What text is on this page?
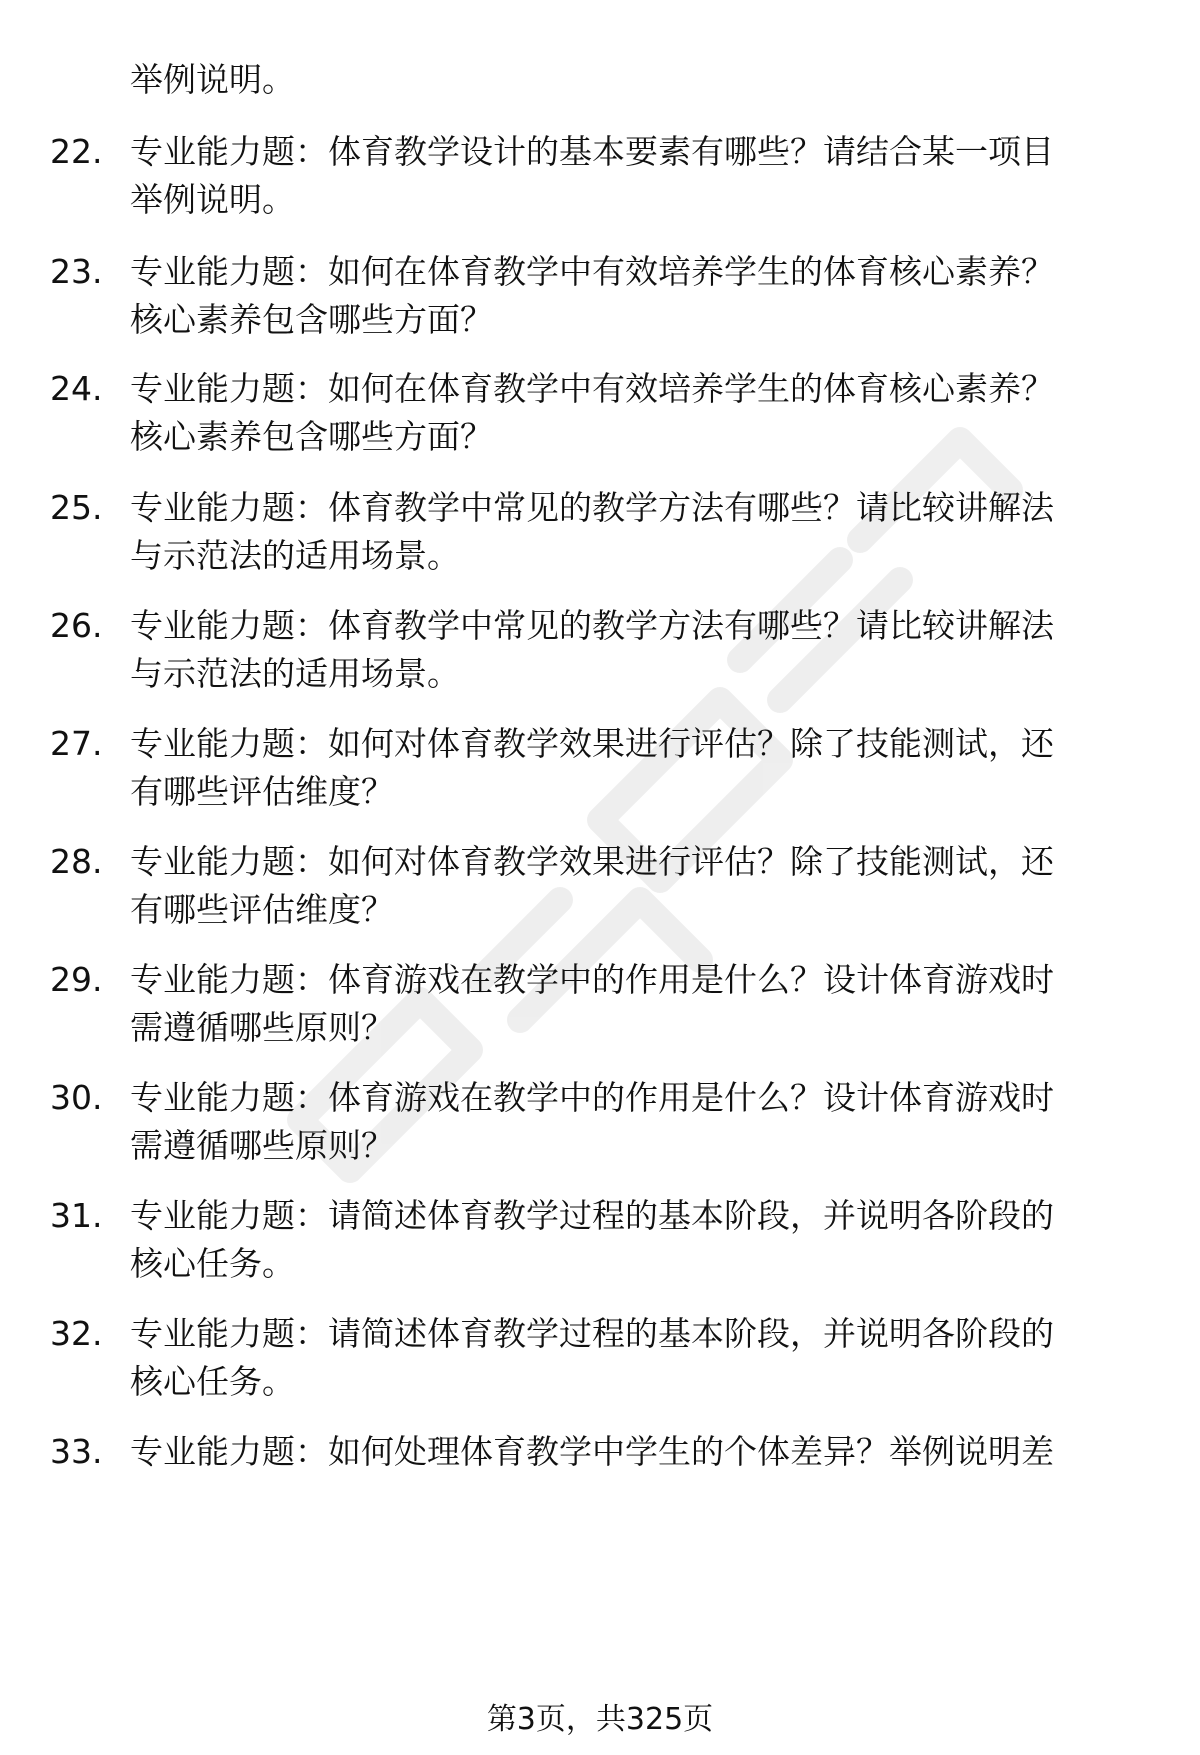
举例说明。
22. 专业能力题：体育教学设计的基本要素有哪些？请结合某一项目
举例说明。
23. 专业能力题：如何在体育教学中有效培养学生的体育核心素养？
核心素养包含哪些方面？
24. 专业能力题：如何在体育教学中有效培养学生的体育核心素养？
核心素养包含哪些方面？
25. 专业能力题：体育教学中常见的教学方法有哪些？请比较讲解法
与示范法的适用场景。
26. 专业能力题：体育教学中常见的教学方法有哪些？请比较讲解法
与示范法的适用场景。
27. 专业能力题：如何对体育教学效果进行评估？除了技能测试，还
有哪些评估维度？
28. 专业能力题：如何对体育教学效果进行评估？除了技能测试，还
有哪些评估维度？
29. 专业能力题：体育游戏在教学中的作用是什么？设计体育游戏时
需遵循哪些原则？
30. 专业能力题：体育游戏在教学中的作用是什么？设计体育游戏时
需遵循哪些原则？
31. 专业能力题：请简述体育教学过程的基本阶段，并说明各阶段的
核心任务。
32. 专业能力题：请简述体育教学过程的基本阶段，并说明各阶段的
核心任务。
33. 专业能力题：如何处理体育教学中学生的个体差异？举例说明差
第3页，共325页
